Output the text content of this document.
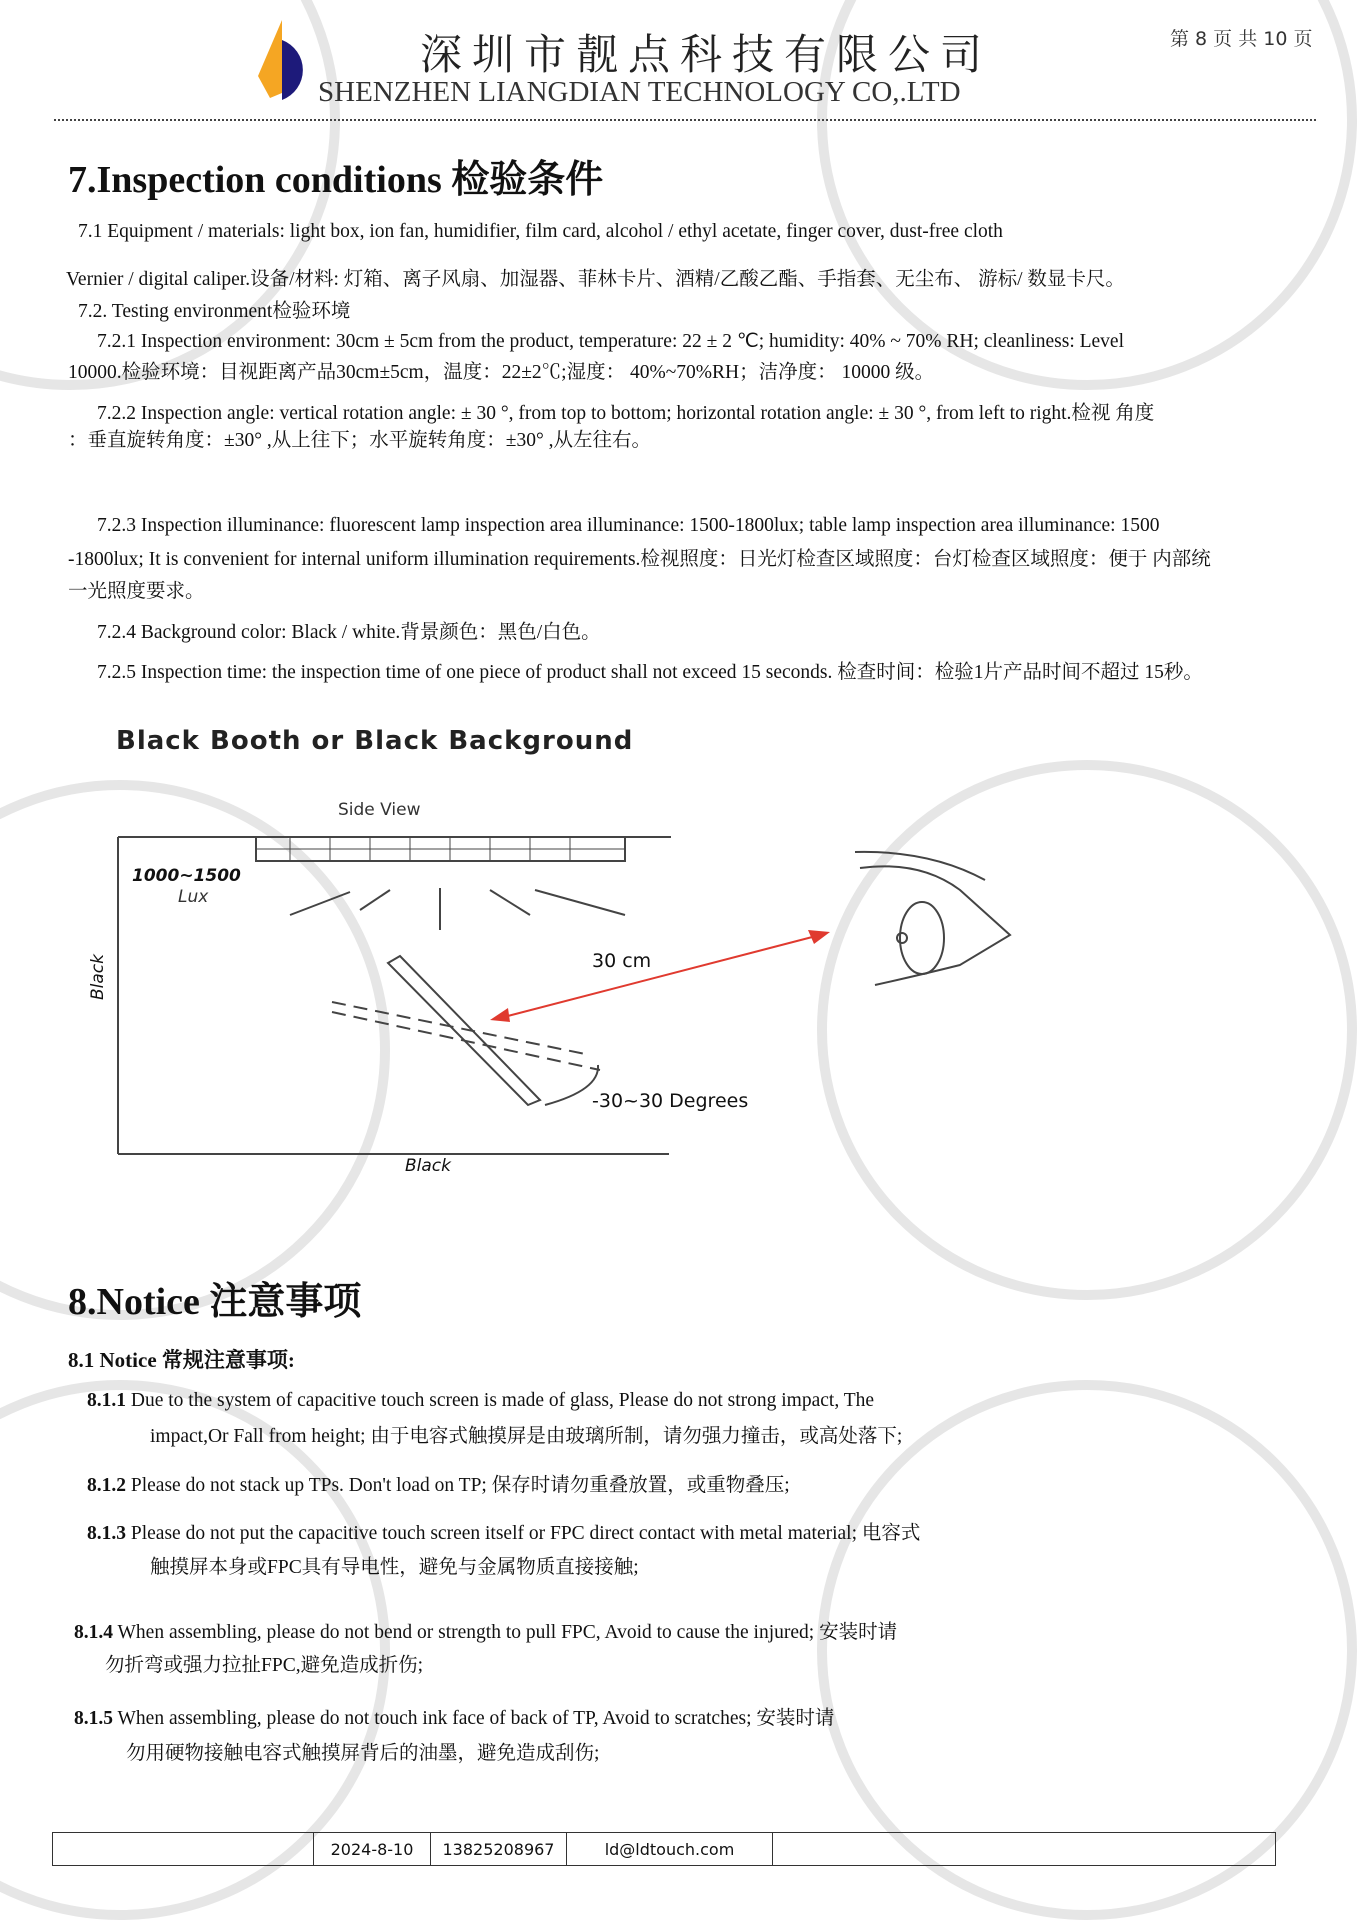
深圳市靓点科技有限公司
SHENZHEN LIANGDIAN TECHNOLOGY CO,.LTD
第 8 页 共 10 页
7.Inspection conditions 检验条件
7.1 Equipment / materials: light box, ion fan, humidifier, film card, alcohol / ethyl acetate, finger cover, dust-free cloth
Vernier / digital caliper.设备/材料: 灯箱、离子风扇、加湿器、菲林卡片、酒精/乙酸乙酯、手指套、无尘布、 游标/ 数显卡尺。
7.2. Testing environment检验环境
7.2.1 Inspection environment: 30cm ± 5cm from the product, temperature: 22 ± 2 ℃; humidity: 40% ~ 70% RH; cleanliness: Level
10000.检验环境：目视距离产品30cm±5cm，温度：22±2℃;湿度： 40%~70%RH；洁净度： 10000 级。
7.2.2 Inspection angle: vertical rotation angle: ± 30 °, from top to bottom; horizontal rotation angle: ± 30 °, from left to right.检视 角度
：垂直旋转角度：±30° ,从上往下；水平旋转角度：±30° ,从左往右。
7.2.3 Inspection illuminance: fluorescent lamp inspection area illuminance: 1500-1800lux; table lamp inspection area illuminance: 1500
-1800lux; It is convenient for internal uniform illumination requirements.检视照度：日光灯检查区域照度：台灯检查区域照度：便于 内部统
一光照度要求。
7.2.4 Background color: Black / white.背景颜色：黑色/白色。
7.2.5 Inspection time: the inspection time of one piece of product shall not exceed 15 seconds. 检查时间：检验1片产品时间不超过 15秒。
Black Booth or Black Background
Side View
1000~1500
Lux
Black
Black
30 cm
-30~30 Degrees
8.Notice 注意事项
8.1 Notice 常规注意事项:
8.1.1 Due to the system of capacitive touch screen is made of glass, Please do not strong impact, The
impact,Or Fall from height; 由于电容式触摸屏是由玻璃所制，请勿强力撞击，或高处落下;
8.1.2 Please do not stack up TPs. Don't load on TP; 保存时请勿重叠放置，或重物叠压;
8.1.3 Please do not put the capacitive touch screen itself or FPC direct contact with metal material; 电容式
触摸屏本身或FPC具有导电性，避免与金属物质直接接触;
8.1.4 When assembling, please do not bend or strength to pull FPC, Avoid to cause the injured; 安装时请
勿折弯或强力拉扯FPC,避免造成折伤;
8.1.5 When assembling, please do not touch ink face of back of TP, Avoid to scratches; 安装时请
勿用硬物接触电容式触摸屏背后的油墨，避免造成刮伤;
2024-8-10	13825208967	ld@ldtouch.com
